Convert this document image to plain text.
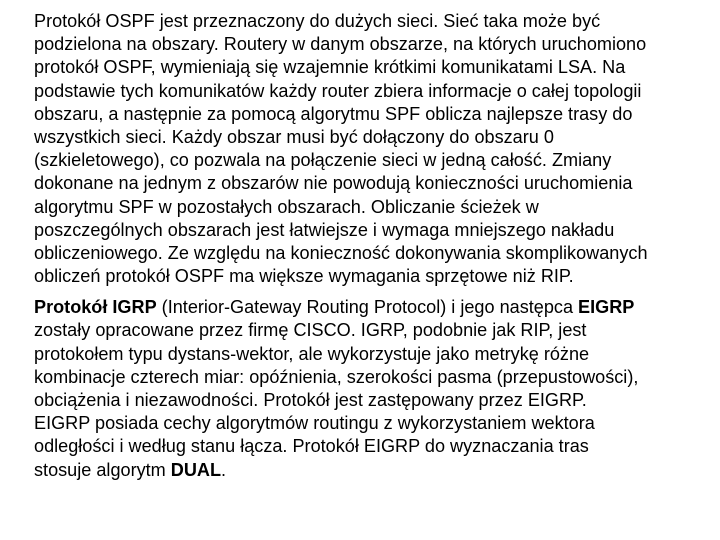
Protokół OSPF jest przeznaczony do dużych sieci. Sieć taka może być
podzielona na obszary. Routery w danym obszarze, na których uruchomiono
protokół OSPF, wymieniają się wzajemnie krótkimi komunikatami LSA. Na
podstawie tych komunikatów każdy router zbiera informacje o całej topologii
obszaru, a następnie za pomocą algorytmu SPF oblicza najlepsze trasy do
wszystkich sieci. Każdy obszar musi być dołączony do obszaru 0
(szkieletowego), co pozwala na połączenie sieci w jedną całość. Zmiany
dokonane na jednym z obszarów nie powodują konieczności uruchomienia
algorytmu SPF w pozostałych obszarach. Obliczanie ścieżek w
poszczególnych obszarach jest łatwiejsze i wymaga mniejszego nakładu
obliczeniowego. Ze względu na konieczność dokonywania skomplikowanych
obliczeń protokół OSPF ma większe wymagania sprzętowe niż RIP.
Protokół IGRP (Interior-Gateway Routing Protocol) i jego następca EIGRP
zostały opracowane przez firmę CISCO. IGRP, podobnie jak RIP, jest
protokołem typu dystans-wektor, ale wykorzystuje jako metrykę różne
kombinacje czterech miar: opóźnienia, szerokości pasma (przepustowości),
obciążenia i niezawodności. Protokół jest zastępowany przez EIGRP.
EIGRP posiada cechy algorytmów routingu z wykorzystaniem wektora
odległości i według stanu łącza. Protokół EIGRP do wyznaczania tras
stosuje algorytm DUAL.
